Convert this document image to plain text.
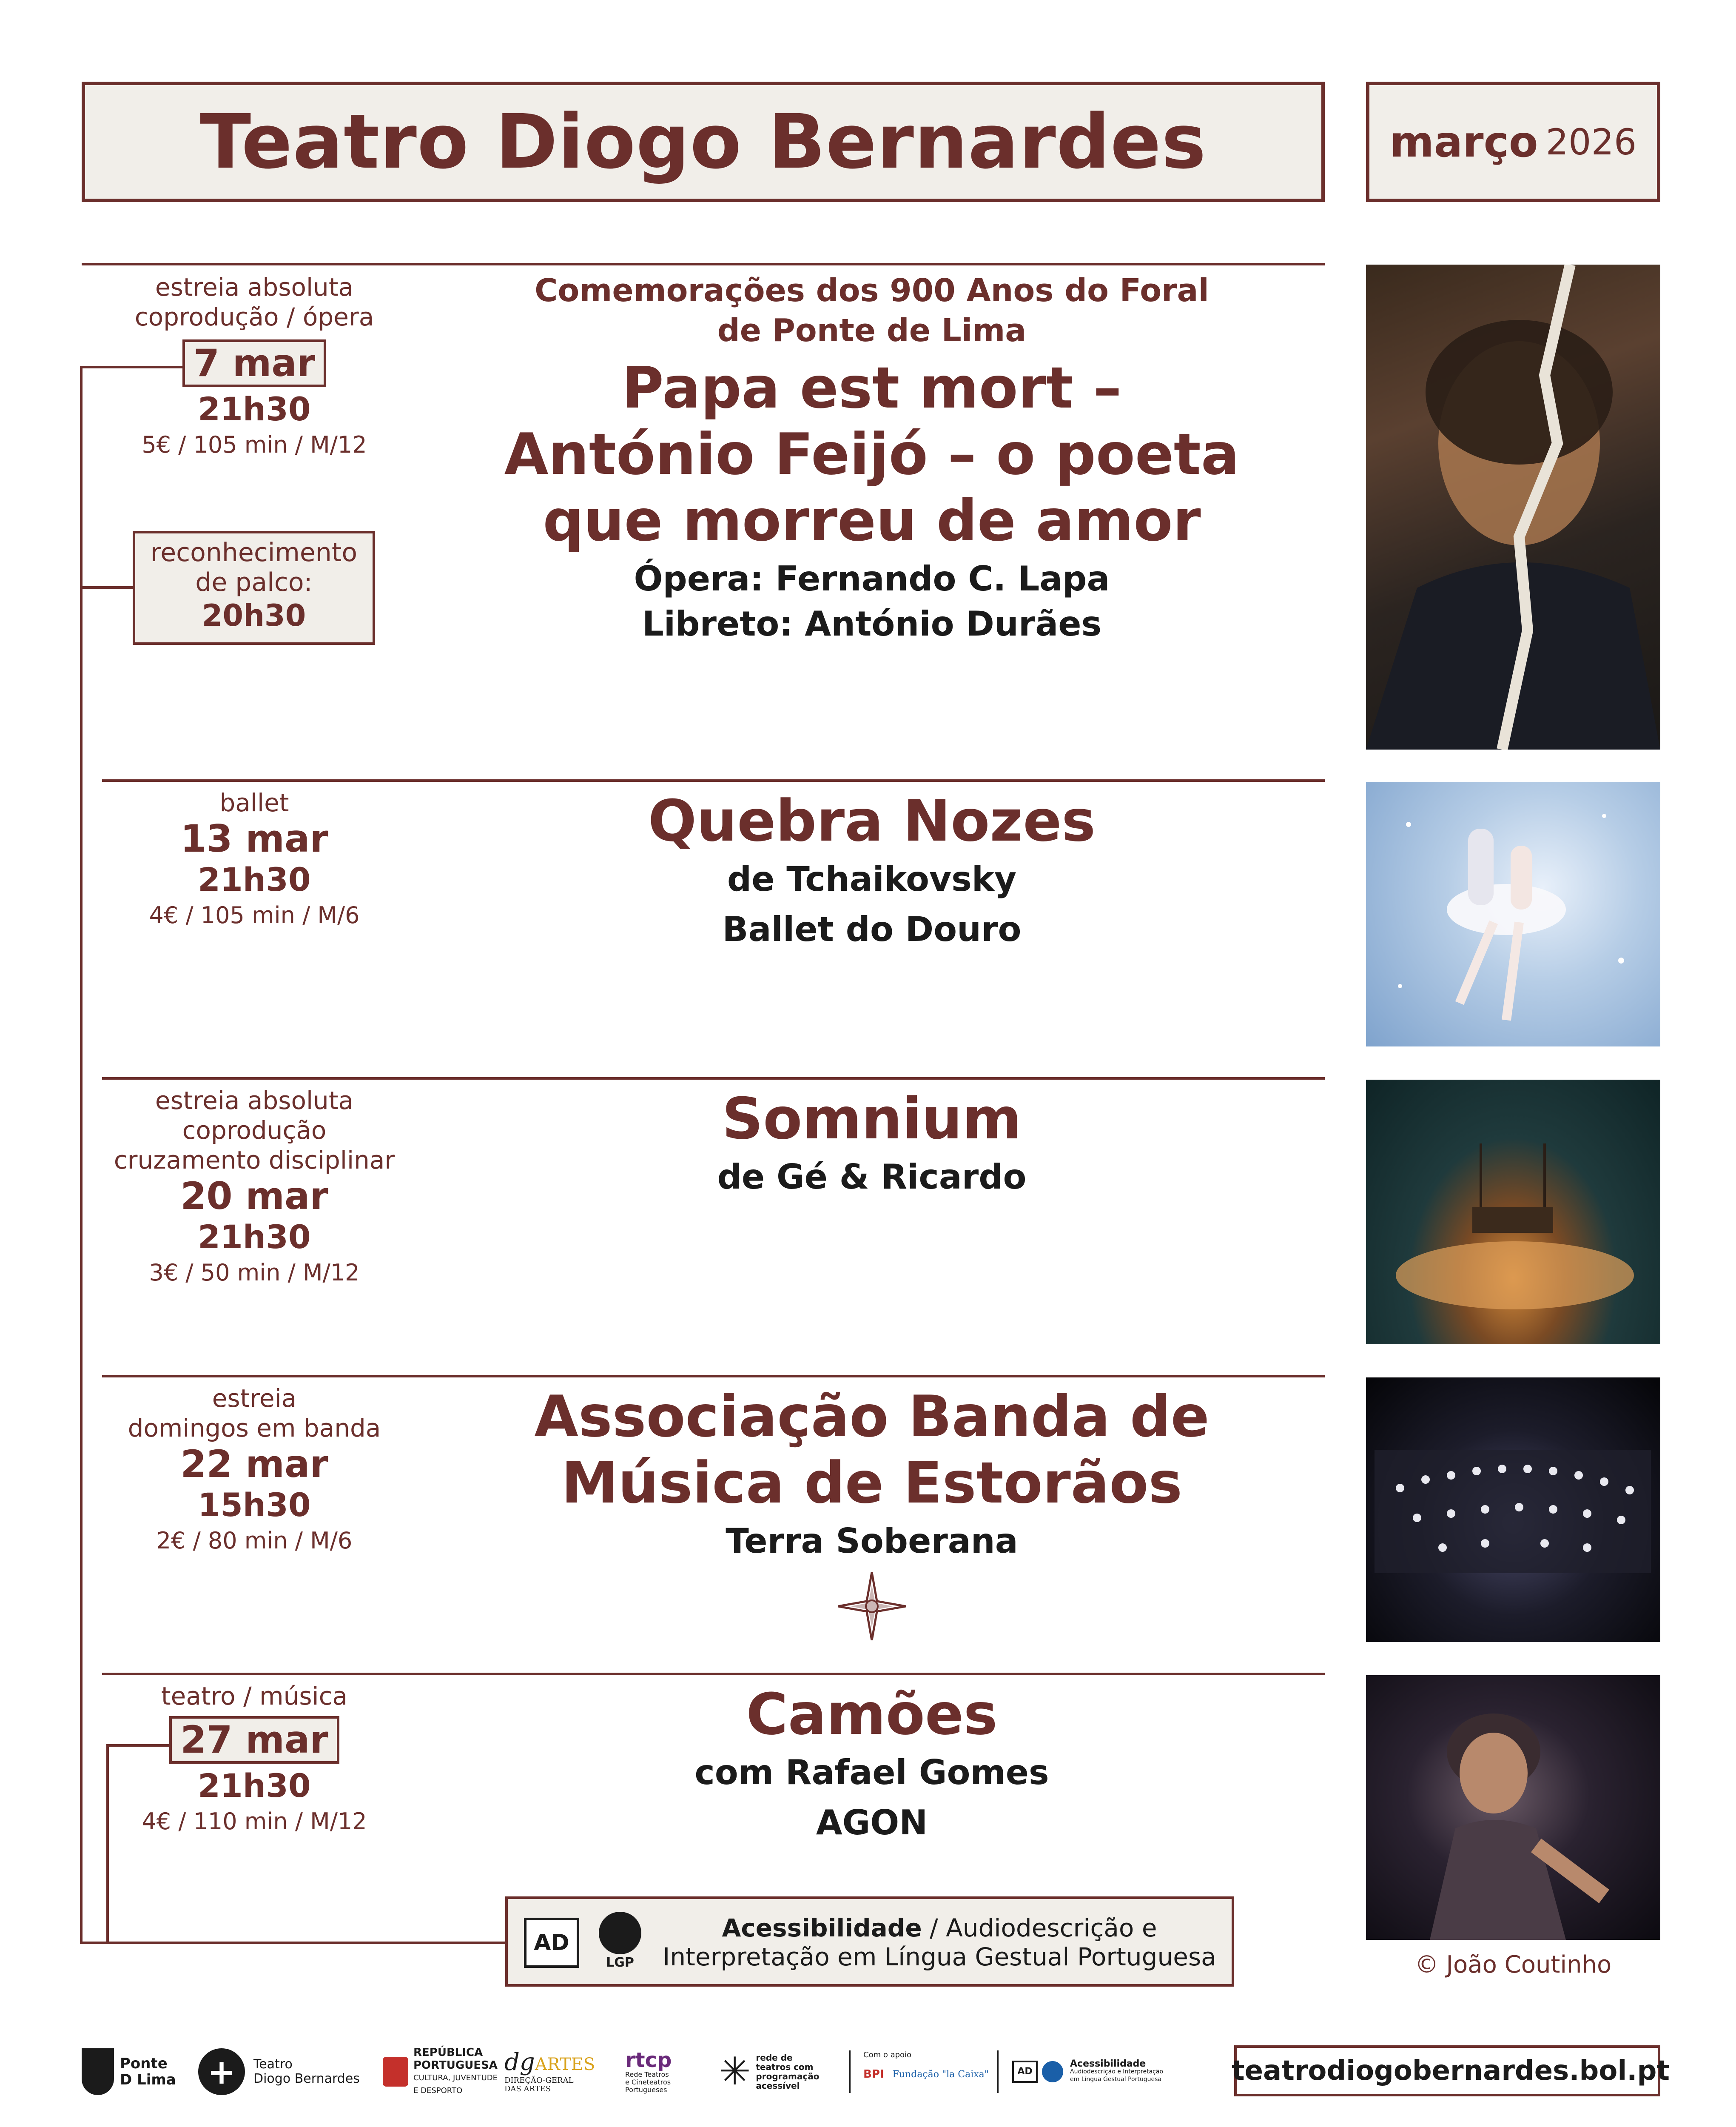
Teatro Diogo Bernardes	março 2026
estreia absoluta
coprodução / ópera
7 mar
21h30
5€ / 105 min / M/12
reconhecimento
de palco:
20h30
Comemorações dos 900 Anos do Foral
de Ponte de Lima
Papa est mort –
António Feijó – o poeta
que morreu de amor
Ópera: Fernando C. Lapa
Libreto: António Durães
ballet
13 mar
21h30
4€ / 105 min / M/6
Quebra Nozes
de Tchaikovsky
Ballet do Douro
estreia absoluta
coprodução
cruzamento disciplinar
20 mar
21h30
3€ / 50 min / M/12
Somnium
de Gé & Ricardo
estreia
domingos em banda
22 mar
15h30
2€ / 80 min / M/6
Associação Banda de
Música de Estorãos
Terra Soberana
teatro / música
27 mar
21h30
4€ / 110 min / M/12
Camões
com Rafael Gomes
AGON
© João Coutinho
AD
LGP
Acessibilidade / Audiodescrição e
Interpretação em Língua Gestual Portuguesa
Ponte
D Lima +	Teatro
Diogo Bernardes
REPÚBLICA
PORTUGUESA
CULTURA, JUVENTUDE
E DESPORTO
dgARTES
DIREÇÃO-GERAL
DAS ARTES
rtcp
Rede Teatros
e Cineteatros
Portugueses ✳ rede de
teatros com
programação
acessível
Com o apoio
BPI Fundação "la Caixa"	AD
Acessibilidade
Audiodescrição e Interpretação
em Língua Gestual Portuguesa	teatrodiogobernardes.bol.pt
